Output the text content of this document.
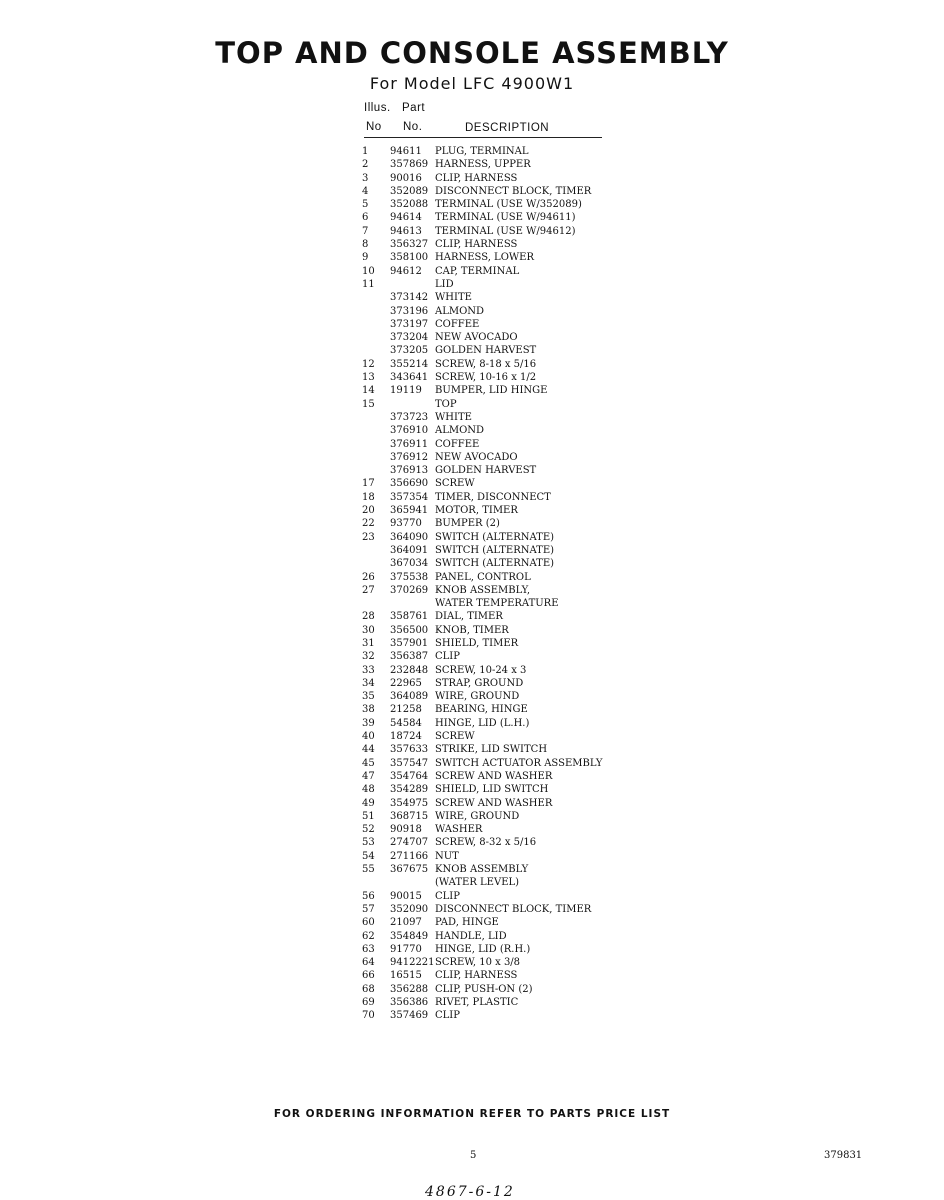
TOP AND CONSOLE ASSEMBLY
For Model LFC 4900W1
Illus. Part
No No.	DESCRIPTION
1	94611	PLUG, TERMINAL
2	357869 HARNESS, UPPER
3	90016	CLIP, HARNESS
4	352089 DISCONNECT BLOCK, TIMER
5	352088 TERMINAL (USE W/352089)
6	94614	TERMINAL (USE W/94611)
7	94613	TERMINAL (USE W/94612)
8	356327 CLIP, HARNESS
9	358100 HARNESS, LOWER
10	94612	CAP, TERMINAL
11	LID
373142 WHITE
373196 ALMOND
373197 COFFEE
373204 NEW AVOCADO
373205 GOLDEN HARVEST
12	355214 SCREW, 8-18 x 5/16
13	343641 SCREW, 10-16 x 1/2
14	19119	BUMPER, LID HINGE
15	TOP
373723 WHITE
376910 ALMOND
376911 COFFEE
376912 NEW AVOCADO
376913 GOLDEN HARVEST
17	356690 SCREW
18	357354 TIMER, DISCONNECT
20	365941 MOTOR, TIMER
22	93770	BUMPER (2)
23	364090 SWITCH (ALTERNATE)
364091 SWITCH (ALTERNATE)
367034 SWITCH (ALTERNATE)
26	375538 PANEL, CONTROL
27	370269 KNOB ASSEMBLY,
WATER TEMPERATURE
28	358761 DIAL, TIMER
30	356500 KNOB, TIMER
31	357901 SHIELD, TIMER
32	356387 CLIP
33	232848 SCREW, 10-24 x 3
34	22965	STRAP, GROUND
35	364089 WIRE, GROUND
38	21258	BEARING, HINGE
39	54584	HINGE, LID (L.H.)
40	18724	SCREW
44	357633 STRIKE, LID SWITCH
45	357547 SWITCH ACTUATOR ASSEMBLY
47	354764 SCREW AND WASHER
48	354289 SHIELD, LID SWITCH
49	354975 SCREW AND WASHER
51	368715 WIRE, GROUND
52	90918	WASHER
53	274707 SCREW, 8-32 x 5/16
54	271166 NUT
55	367675 KNOB ASSEMBLY
(WATER LEVEL)
56	90015	CLIP
57	352090 DISCONNECT BLOCK, TIMER
60	21097	PAD, HINGE
62	354849 HANDLE, LID
63	91770	HINGE, LID (R.H.)
64	9412221 SCREW, 10 x 3/8
66	16515	CLIP, HARNESS
68	356288 CLIP, PUSH-ON (2)
69	356386 RIVET, PLASTIC
70	357469 CLIP
FOR ORDERING INFORMATION REFER TO PARTS PRICE LIST
5	379831
4867-6-12
